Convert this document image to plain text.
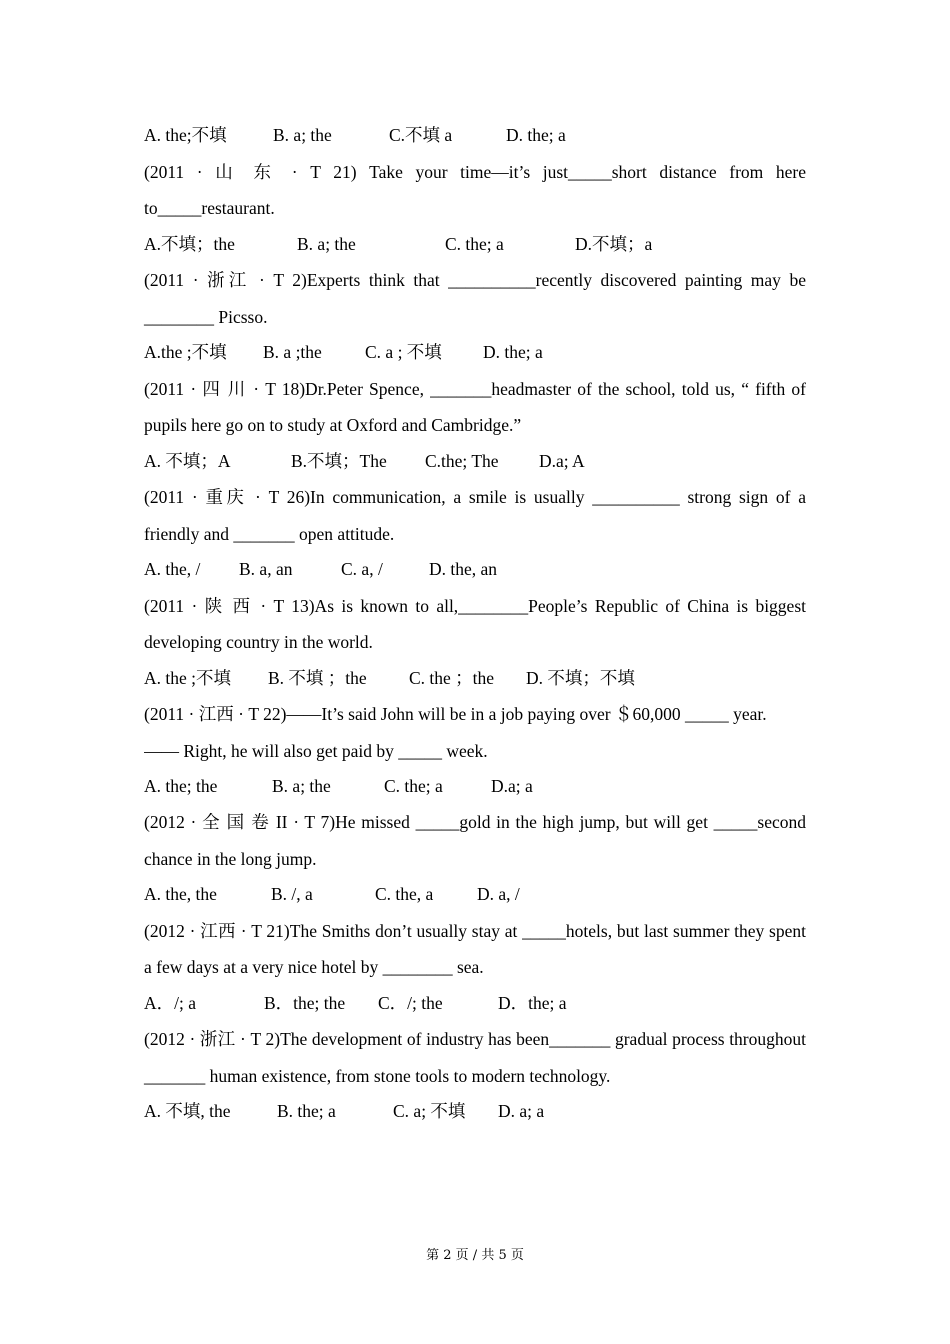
A. the;不填	B. a; the	C.不填 a	D. the; a

(2011 · 山 东 · T 21) Take your time—it’s just_____short distance from here to_____restaurant.

A.不填；the	B. a; the	C. the; a	D.不填；a

(2011 · 浙江 · T 2)Experts think that __________recently discovered painting may be ________ Picsso.

A.the ;不填 B. a ;the C. a ; 不填 D. the; a

(2011 · 四 川 · T 18)Dr.Peter Spence, _______headmaster of the school, told us, “ fifth of pupils here go on to study at Oxford and Cambridge.”

A. 不填；A	B.不填；The C.the; The D.a; A

(2011 · 重庆 · T 26)In communication, a smile is usually __________ strong sign of a friendly and _______ open attitude.

A. the, / B. a, an	C. a, /	D. the, an

(2011 · 陕 西 · T 13)As is known to all,________People’s Republic of China is biggest developing country in the world.

A. the ;不填 B. 不填 ；the C. the ；the D. 不填；不填

(2011 · 江西 · T 22)——It’s said John will be in a job paying over ＄60,000 _____ year.

—— Right, he will also get paid by _____ week.
A. the; the	B. a; the	C. the; a	D.a; a

(2012 · 全 国 卷 II · T 7)He missed _____gold in the high jump, but will get _____second chance in the long jump.

A. the, the	B. /, a	C. the, a D. a, /

(2012 · 江西 · T 21)The Smiths don’t usually stay at _____hotels, but last summer they spent a few days at a very nice hotel by ________ sea.

A．/; a	B．the; the C．/; the	D．the; a

(2012 · 浙江 · T 2)The development of industry has been_______ gradual process throughout _______ human existence, from stone tools to modern technology.

A. 不填, the	B. the; a	C. a; 不填 D. a; a
第 2 页 / 共 5 页
